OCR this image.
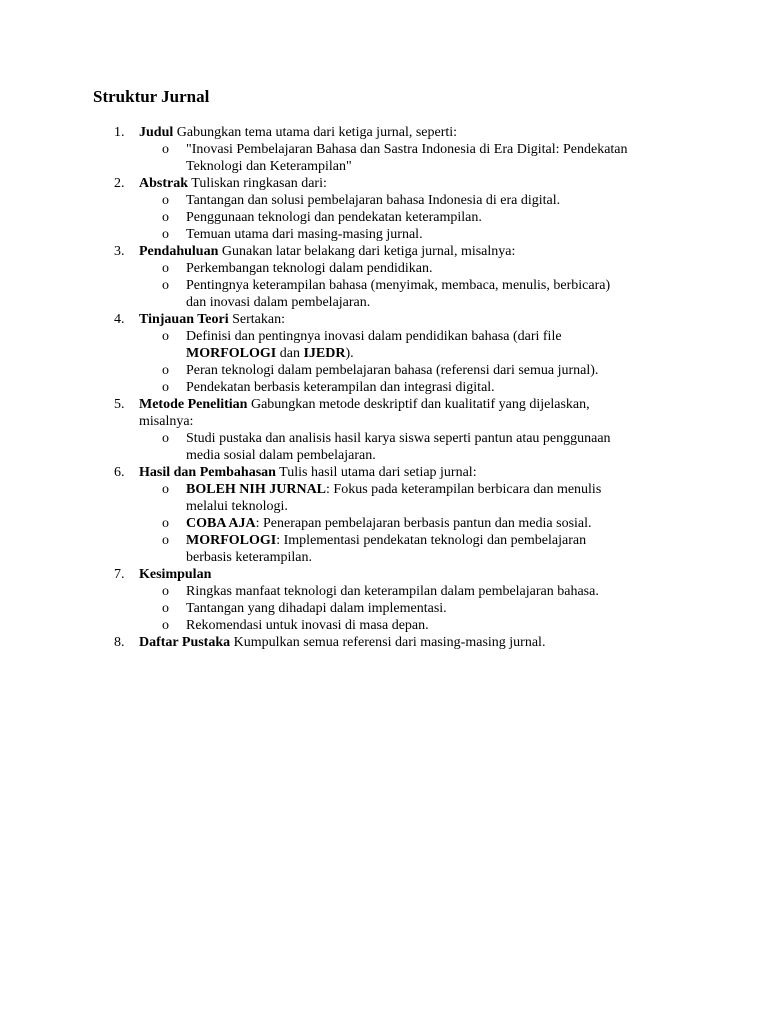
Struktur Jurnal
1.	Judul Gabungkan tema utama dari ketiga jurnal, seperti:
o "Inovasi Pembelajaran Bahasa dan Sastra Indonesia di Era Digital: Pendekatan Teknologi dan Keterampilan"
2.	Abstrak Tuliskan ringkasan dari:
o Tantangan dan solusi pembelajaran bahasa Indonesia di era digital.
o Penggunaan teknologi dan pendekatan keterampilan.
o Temuan utama dari masing-masing jurnal.
3.	Pendahuluan Gunakan latar belakang dari ketiga jurnal, misalnya:
o Perkembangan teknologi dalam pendidikan.
o Pentingnya keterampilan bahasa (menyimak, membaca, menulis, berbicara) dan inovasi dalam pembelajaran.
4.	Tinjauan Teori Sertakan:
o Definisi dan pentingnya inovasi dalam pendidikan bahasa (dari file MORFOLOGI dan IJEDR).
o Peran teknologi dalam pembelajaran bahasa (referensi dari semua jurnal).
o Pendekatan berbasis keterampilan dan integrasi digital.
5.	Metode Penelitian Gabungkan metode deskriptif dan kualitatif yang dijelaskan, misalnya:
o Studi pustaka dan analisis hasil karya siswa seperti pantun atau penggunaan media sosial dalam pembelajaran.
6.	Hasil dan Pembahasan Tulis hasil utama dari setiap jurnal:
o BOLEH NIH JURNAL: Fokus pada keterampilan berbicara dan menulis melalui teknologi.
o COBA AJA: Penerapan pembelajaran berbasis pantun dan media sosial.
o MORFOLOGI: Implementasi pendekatan teknologi dan pembelajaran berbasis keterampilan.
7.	Kesimpulan
o Ringkas manfaat teknologi dan keterampilan dalam pembelajaran bahasa.
o Tantangan yang dihadapi dalam implementasi.
o Rekomendasi untuk inovasi di masa depan.
8.	Daftar Pustaka Kumpulkan semua referensi dari masing-masing jurnal.
